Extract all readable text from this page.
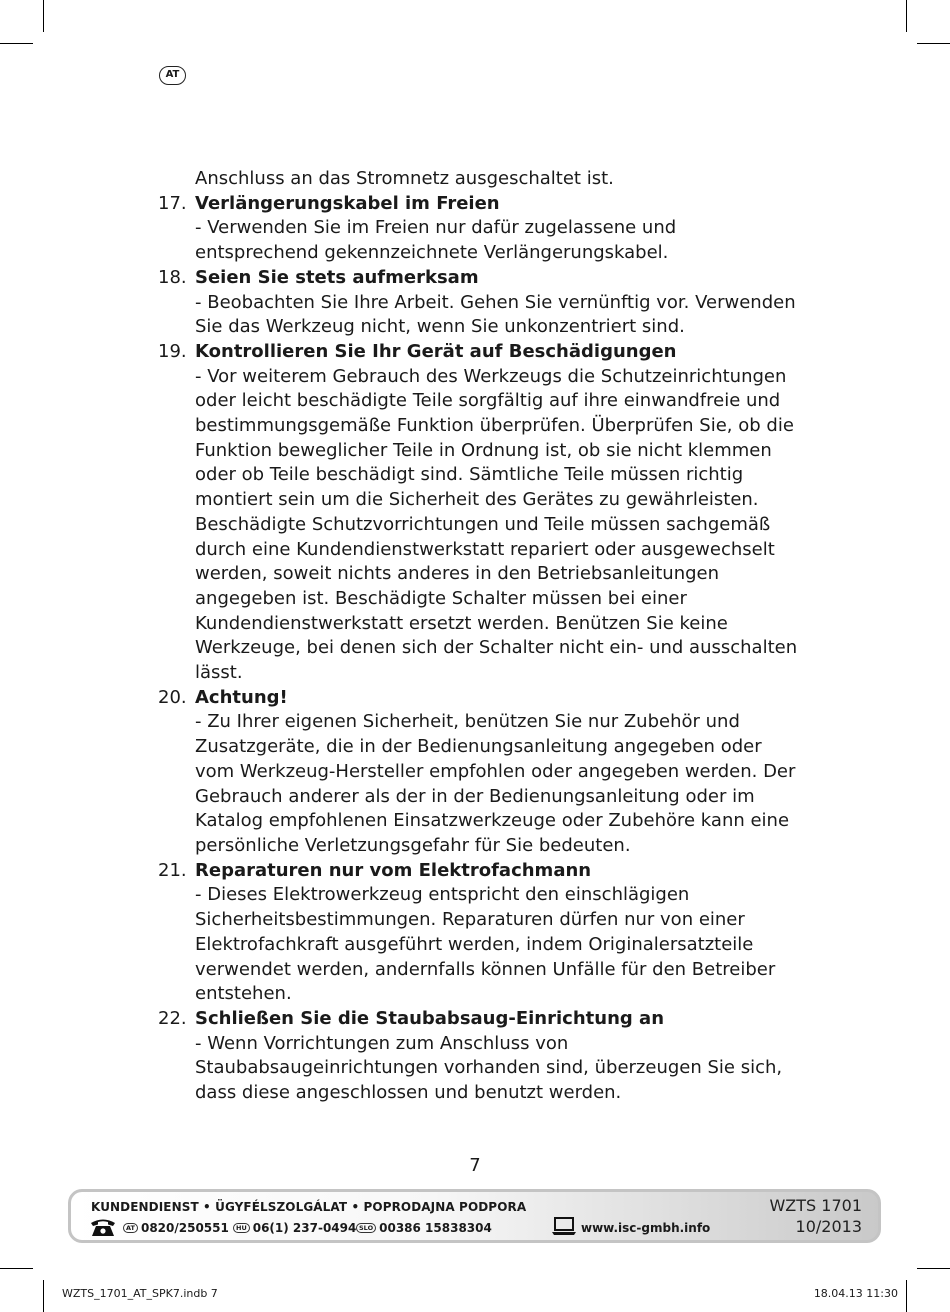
AT
Anschluss an das Stromnetz ausgeschaltet ist.
17. Verlängerungskabel im Freien
- Verwenden Sie im Freien nur dafür zugelassene und entsprechend gekennzeichnete Verlängerungskabel.
18. Seien Sie stets aufmerksam
- Beobachten Sie Ihre Arbeit. Gehen Sie vernünftig vor. Verwenden Sie das Werkzeug nicht, wenn Sie unkonzentriert sind.
19. Kontrollieren Sie Ihr Gerät auf Beschädigungen
- Vor weiterem Gebrauch des Werkzeugs die Schutzeinrichtungen oder leicht beschädigte Teile sorgfältig auf ihre einwandfreie und bestimmungsgemäße Funktion überprüfen. Überprüfen Sie, ob die Funktion beweglicher Teile in Ordnung ist, ob sie nicht klemmen oder ob Teile beschädigt sind. Sämtliche Teile müssen richtig montiert sein um die Sicherheit des Gerätes zu gewährleisten. Beschädigte Schutzvorrichtungen und Teile müssen sachgemäß durch eine Kundendienstwerkstatt repariert oder ausgewechselt werden, soweit nichts anderes in den Betriebsanleitungen angegeben ist. Beschädigte Schalter müssen bei einer Kundendienstwerkstatt ersetzt werden. Benützen Sie keine Werkzeuge, bei denen sich der Schalter nicht ein- und ausschalten lässt.
20. Achtung!
- Zu Ihrer eigenen Sicherheit, benützen Sie nur Zubehör und Zusatzgeräte, die in der Bedienungsanleitung angegeben oder vom Werkzeug-Hersteller empfohlen oder angegeben werden. Der Gebrauch anderer als der in der Bedienungsanleitung oder im Katalog empfohlenen Einsatzwerkzeuge oder Zubehöre kann eine persönliche Verletzungsgefahr für Sie bedeuten.
21. Reparaturen nur vom Elektrofachmann
- Dieses Elektrowerkzeug entspricht den einschlägigen Sicherheitsbestimmungen. Reparaturen dürfen nur von einer Elektrofachkraft ausgeführt werden, indem Originalersatzteile verwendet werden, andernfalls können Unfälle für den Betreiber entstehen.
22. Schließen Sie die Staubabsaug-Einrichtung an
- Wenn Vorrichtungen zum Anschluss von Staubabsaugeinrichtungen vorhanden sind, überzeugen Sie sich, dass diese angeschlossen und benutzt werden.
7
KUNDENDIENST • ÜGYFÉLSZOLGÁLAT • POPRODAJNA PODPORA
AT 0820/250551	HU 06(1) 237-0494 SLO 00386 15838304	www.isc-gmbh.info
WZTS 1701
10/2013
WZTS_1701_AT_SPK7.indb 7	18.04.13 11:30
